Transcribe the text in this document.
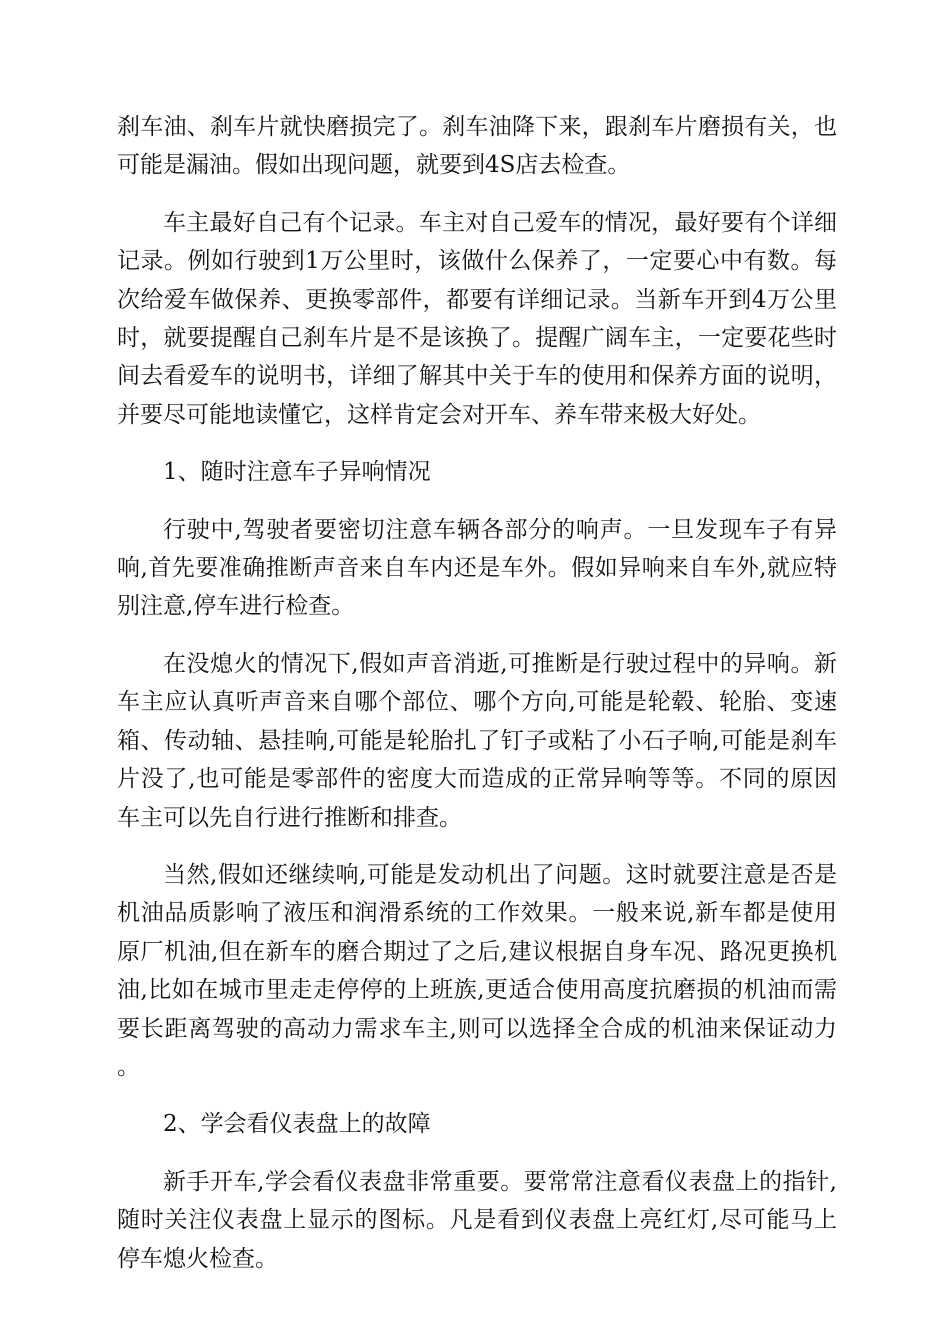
刹车油、刹车片就快磨损完了。刹车油降下来，跟刹车片磨损有关，也可能是漏油。假如出现问题，就要到4S店去检查。

车主最好自己有个记录。车主对自己爱车的情况，最好要有个详细记录。例如行驶到1万公里时，该做什么保养了，一定要心中有数。每次给爱车做保养、更换零部件，都要有详细记录。当新车开到4万公里时，就要提醒自己刹车片是不是该换了。提醒广阔车主，一定要花些时间去看爱车的说明书，详细了解其中关于车的使用和保养方面的说明，并要尽可能地读懂它，这样肯定会对开车、养车带来极大好处。

1、随时注意车子异响情况

行驶中,驾驶者要密切注意车辆各部分的响声。一旦发现车子有异响,首先要准确推断声音来自车内还是车外。假如异响来自车外,就应特别注意,停车进行检查。

在没熄火的情况下,假如声音消逝,可推断是行驶过程中的异响。新车主应认真听声音来自哪个部位、哪个方向,可能是轮毂、轮胎、变速箱、传动轴、悬挂响,可能是轮胎扎了钉子或粘了小石子响,可能是刹车片没了,也可能是零部件的密度大而造成的正常异响等等。不同的原因车主可以先自行进行推断和排查。

当然,假如还继续响,可能是发动机出了问题。这时就要注意是否是机油品质影响了液压和润滑系统的工作效果。一般来说,新车都是使用原厂机油,但在新车的磨合期过了之后,建议根据自身车况、路况更换机油,比如在城市里走走停停的上班族,更适合使用高度抗磨损的机油而需要长距离驾驶的高动力需求车主,则可以选择全合成的机油来保证动力。

2、学会看仪表盘上的故障

新手开车,学会看仪表盘非常重要。要常常注意看仪表盘上的指针,随时关注仪表盘上显示的图标。凡是看到仪表盘上亮红灯,尽可能马上停车熄火检查。
